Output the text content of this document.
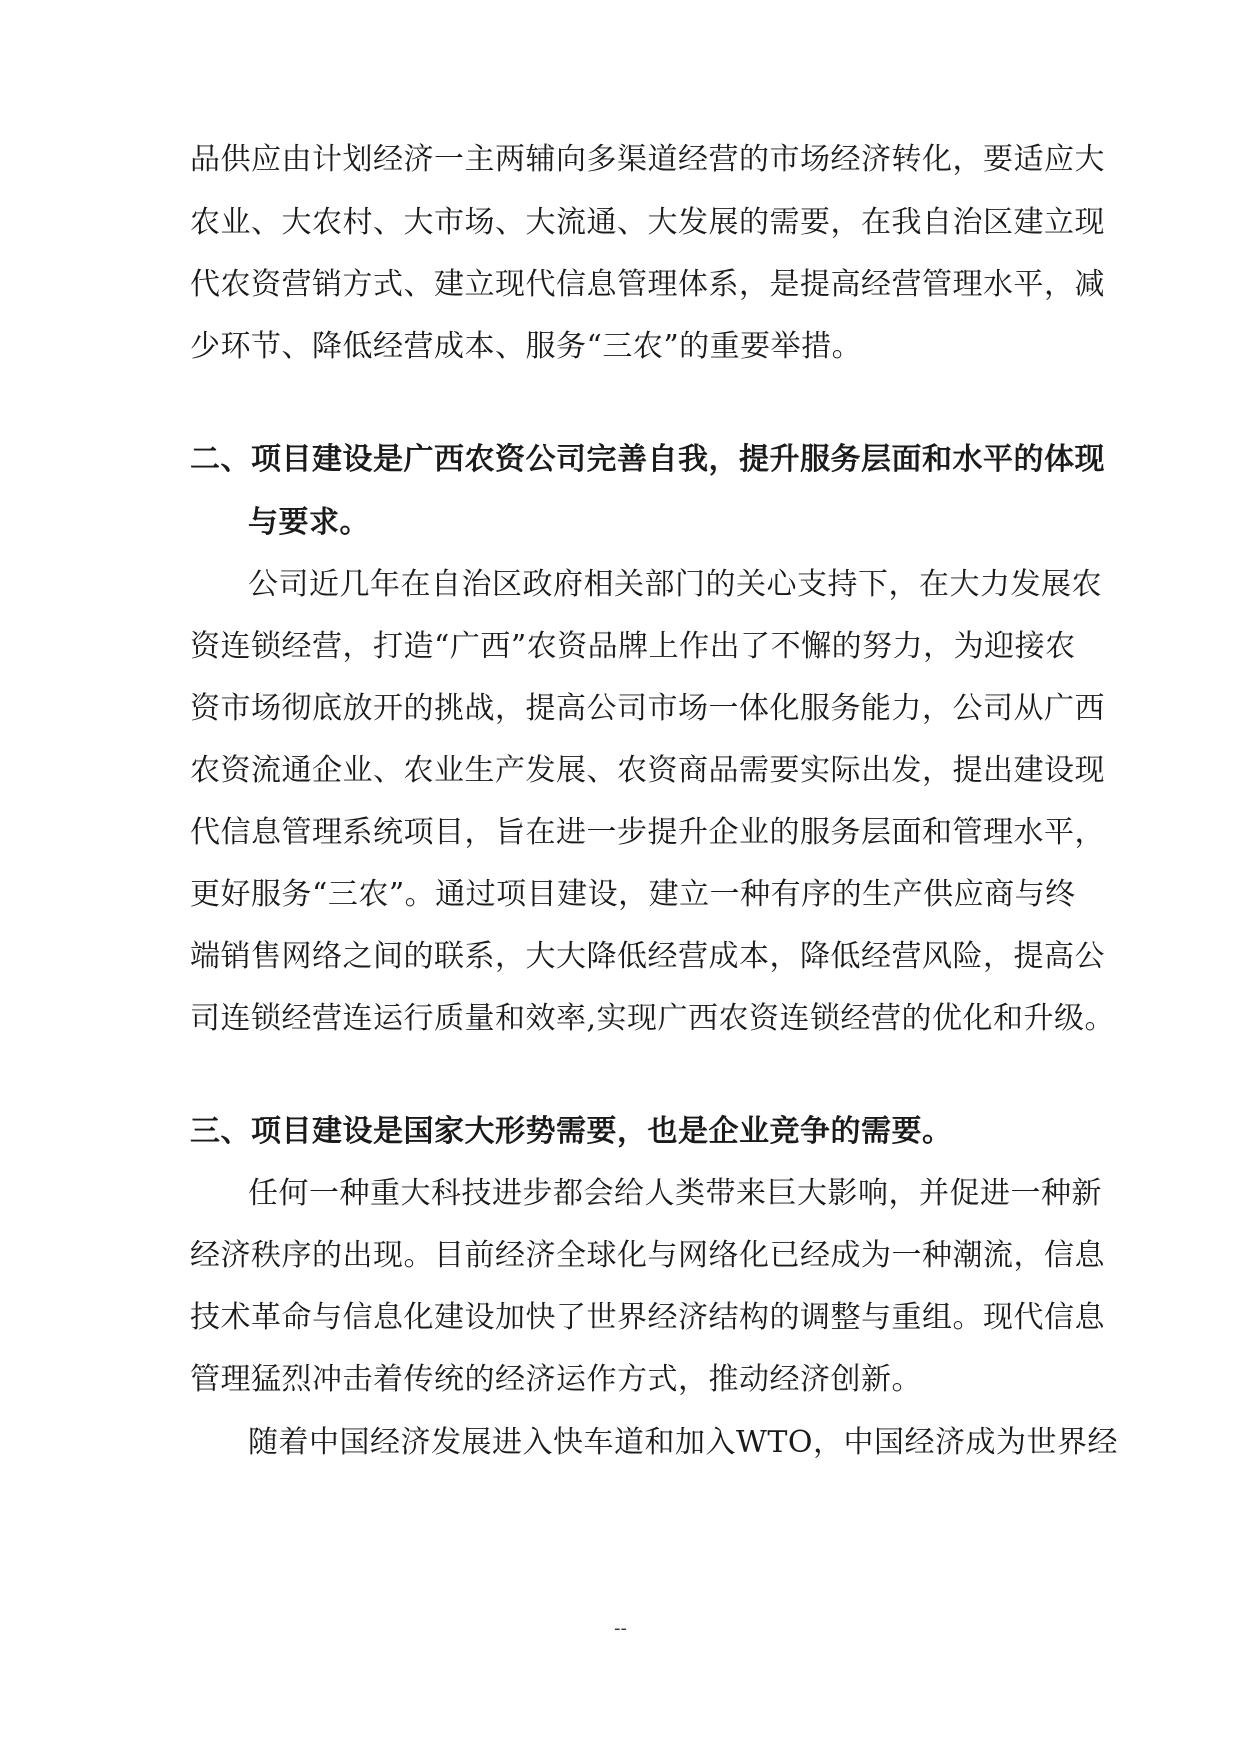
品供应由计划经济一主两辅向多渠道经营的市场经济转化，要适应大
农业、大农村、大市场、大流通、大发展的需要，在我自治区建立现
代农资营销方式、建立现代信息管理体系，是提高经营管理水平，减
少环节、降低经营成本、服务“三农”的重要举措。
二、项目建设是广西农资公司完善自我，提升服务层面和水平的体现
与要求。
公司近几年在自治区政府相关部门的关心支持下，在大力发展农
资连锁经营，打造“广西”农资品牌上作出了不懈的努力，为迎接农
资市场彻底放开的挑战，提高公司市场一体化服务能力，公司从广西
农资流通企业、农业生产发展、农资商品需要实际出发，提出建设现
代信息管理系统项目，旨在进一步提升企业的服务层面和管理水平，
更好服务“三农”。通过项目建设，建立一种有序的生产供应商与终
端销售网络之间的联系，大大降低经营成本，降低经营风险，提高公
司连锁经营连运行质量和效率,实现广西农资连锁经营的优化和升级。
三、项目建设是国家大形势需要，也是企业竞争的需要。
任何一种重大科技进步都会给人类带来巨大影响，并促进一种新
经济秩序的出现。目前经济全球化与网络化已经成为一种潮流，信息
技术革命与信息化建设加快了世界经济结构的调整与重组。现代信息
管理猛烈冲击着传统的经济运作方式，推动经济创新。
随着中国经济发展进入快车道和加入WTO，中国经济成为世界经
--
